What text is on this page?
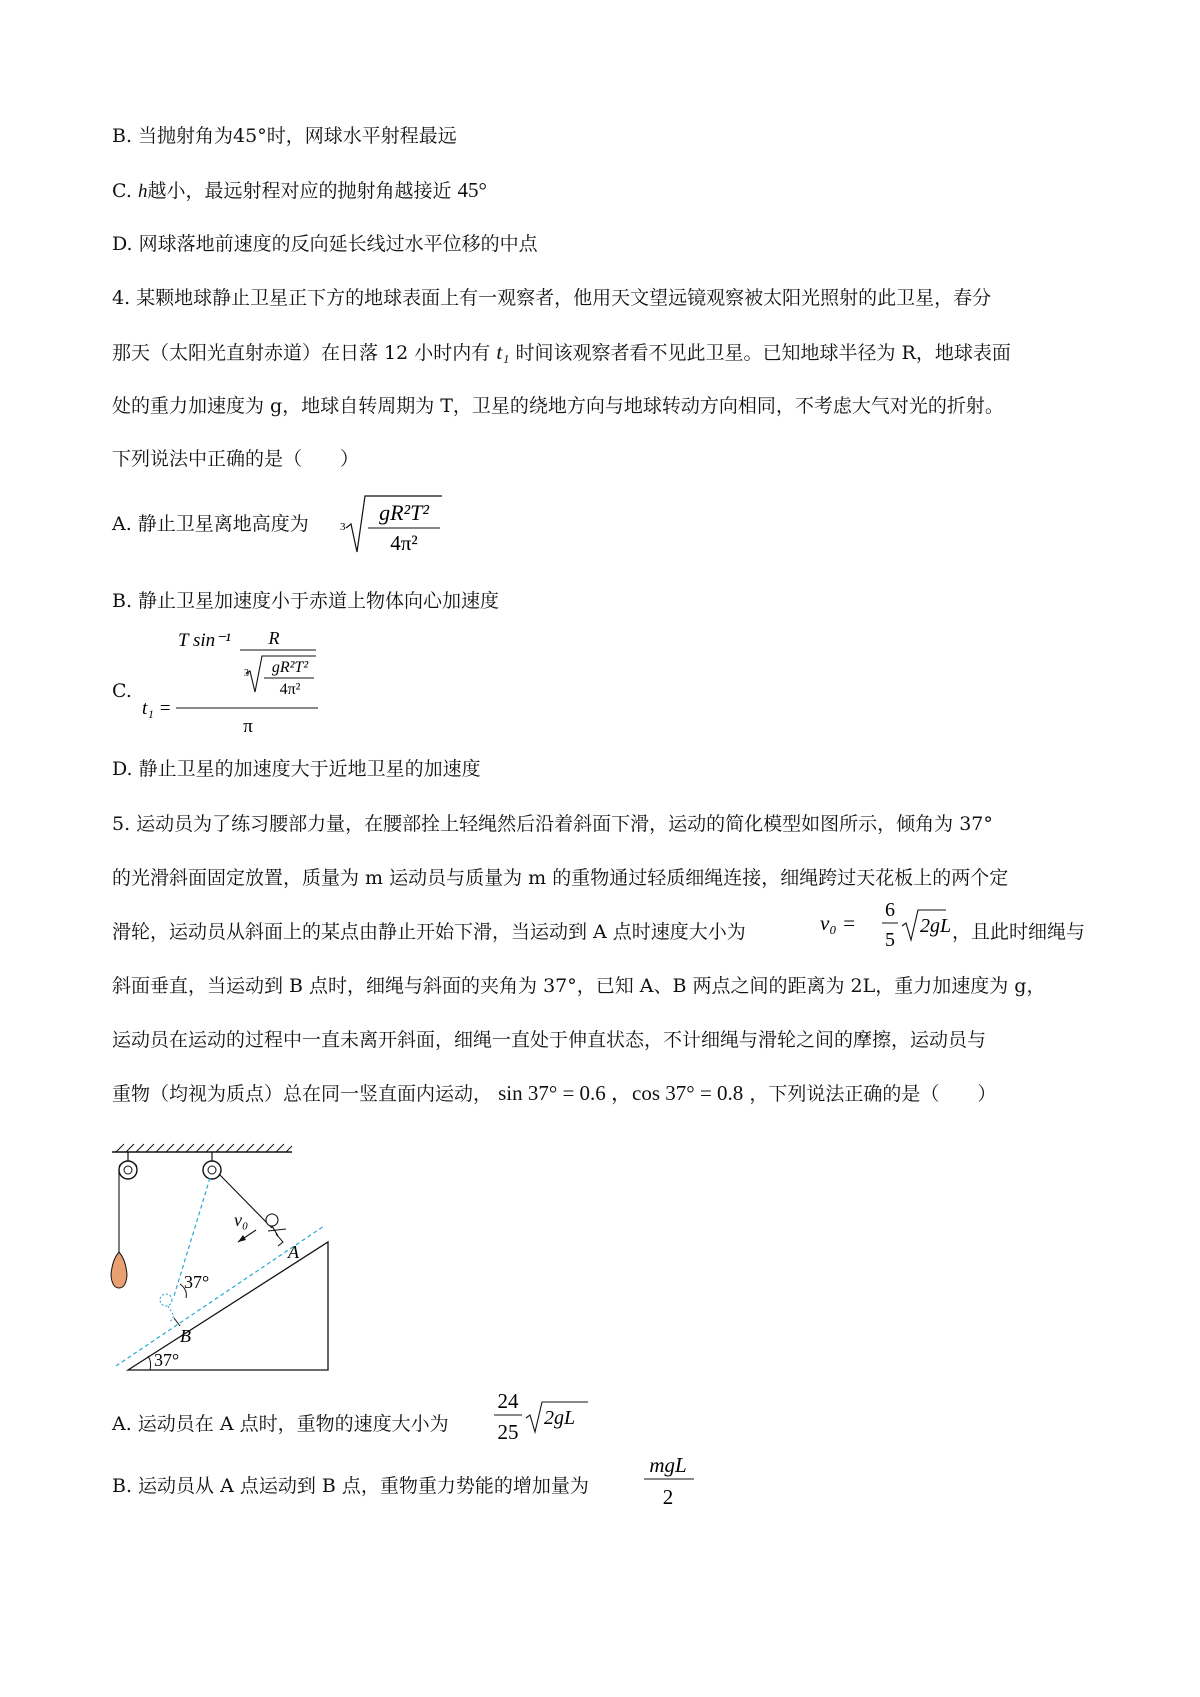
B. 当抛射角为45°时，网球水平射程最远
C. h越小，最远射程对应的抛射角越接近 45°
D. 网球落地前速度的反向延长线过水平位移的中点
4. 某颗地球静止卫星正下方的地球表面上有一观察者，他用天文望远镜观察被太阳光照射的此卫星，春分
那天（太阳光直射赤道）在日落 12 小时内有 t₁ 时间该观察者看不见此卫星。已知地球半径为 R，地球表面
处的重力加速度为 g，地球自转周期为 T，卫星的绕地方向与地球转动方向相同，不考虑大气对光的折射。
下列说法中正确的是（　　）
A. 静止卫星离地高度为	3
gR²T²
4π²
B. 静止卫星加速度小于赤道上物体向心加速度
C.
T sin⁻¹ R
3 gR²T²
4π²
t₁ =
π
D. 静止卫星的加速度大于近地卫星的加速度
5. 运动员为了练习腰部力量，在腰部拴上轻绳然后沿着斜面下滑，运动的简化模型如图所示，倾角为 37°
的光滑斜面固定放置，质量为 m 运动员与质量为 m 的重物通过轻质细绳连接，细绳跨过天花板上的两个定
滑轮，运动员从斜面上的某点由静止开始下滑，当运动到 A 点时速度大小为	v₀ =
6
5
2gL ，且此时细绳与
斜面垂直，当运动到 B 点时，细绳与斜面的夹角为 37°，已知 A、B 两点之间的距离为 2L，重力加速度为 g，
运动员在运动的过程中一直未离开斜面，细绳一直处于伸直状态，不计细绳与滑轮之间的摩擦，运动员与
重物（均视为质点）总在同一竖直面内运动， sin 37° = 0.6 ，cos 37° = 0.8 ，下列说法正确的是（　　）
v₀
A
B
37°
37°
A. 运动员在 A 点时，重物的速度大小为
24
25
2gL
B. 运动员从 A 点运动到 B 点，重物重力势能的增加量为
mgL
2
